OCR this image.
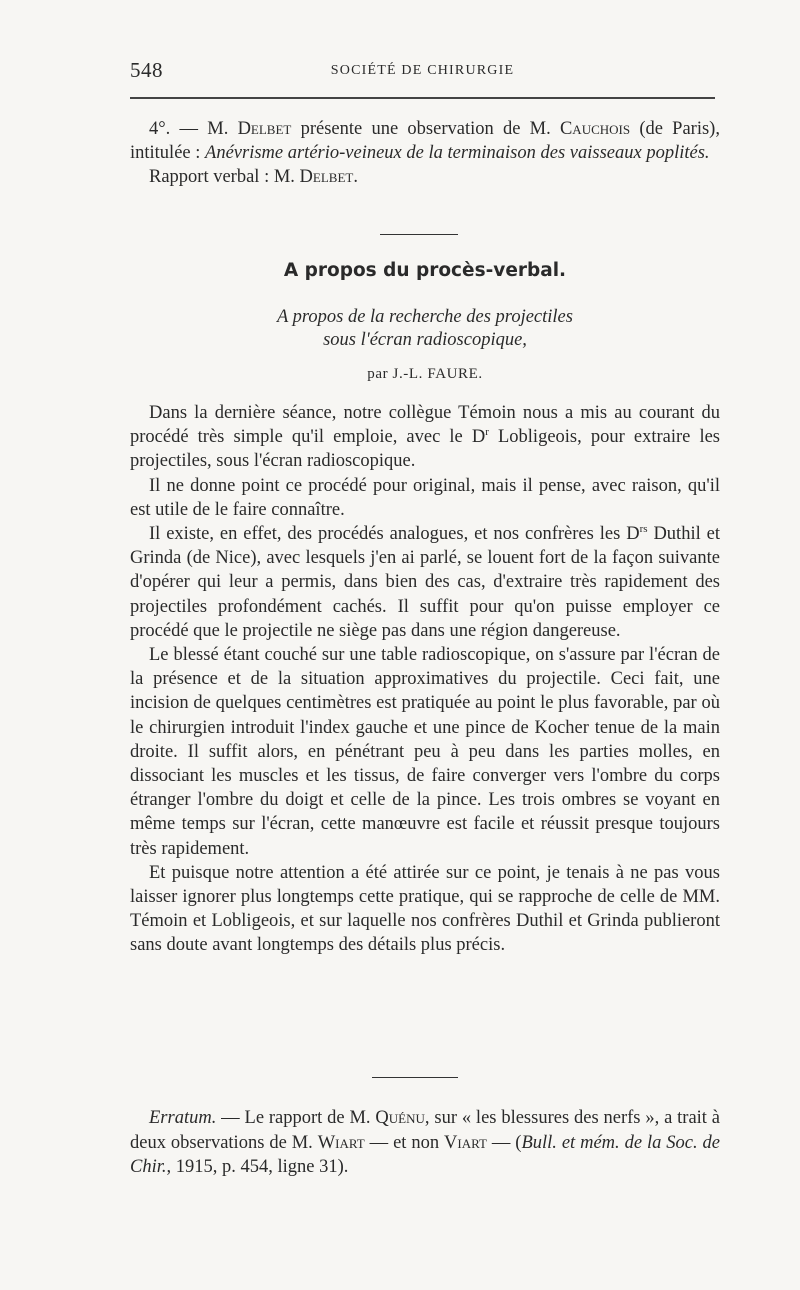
548	SOCIÉTÉ DE CHIRURGIE

4°. — M. Delbet présente une observation de M. Cauchois (de Paris), intitulée : Anévrisme artério-veineux de la terminaison des vaisseaux poplités.

Rapport verbal : M. Delbet.

A propos du procès-verbal.
A propos de la recherche des projectiles
sous l'écran radioscopique,
par J.-L. FAURE.

Dans la dernière séance, notre collègue Témoin nous a mis au courant du procédé très simple qu'il emploie, avec le $D^r$ Lobligeois, pour extraire les projectiles, sous l'écran radioscopique.

Il ne donne point ce procédé pour original, mais il pense, avec raison, qu'il est utile de le faire connaître.

Il existe, en effet, des procédés analogues, et nos confrères les $D^{rs}$ Duthil et Grinda (de Nice), avec lesquels j'en ai parlé, se louent fort de la façon suivante d'opérer qui leur a permis, dans bien des cas, d'extraire très rapidement des projectiles profondément cachés. Il suffit pour qu'on puisse employer ce procédé que le projectile ne siège pas dans une région dangereuse.

Le blessé étant couché sur une table radioscopique, on s'assure par l'écran de la présence et de la situation approximatives du projectile. Ceci fait, une incision de quelques centimètres est pratiquée au point le plus favorable, par où le chirurgien introduit l'index gauche et une pince de Kocher tenue de la main droite. Il suffit alors, en pénétrant peu à peu dans les parties molles, en dissociant les muscles et les tissus, de faire converger vers l'ombre du corps étranger l'ombre du doigt et celle de la pince. Les trois ombres se voyant en même temps sur l'écran, cette manœuvre est facile et réussit presque toujours très rapidement.

Et puisque notre attention a été attirée sur ce point, je tenais à ne pas vous laisser ignorer plus longtemps cette pratique, qui se rapproche de celle de MM. Témoin et Lobligeois, et sur laquelle nos confrères Duthil et Grinda publieront sans doute avant longtemps des détails plus précis.

Erratum. — Le rapport de M. Quénu, sur « les blessures des nerfs », a trait à deux observations de M. Wiart — et non Viart — (Bull. et mém. de la Soc. de Chir., 1915, p. 454, ligne 31).
